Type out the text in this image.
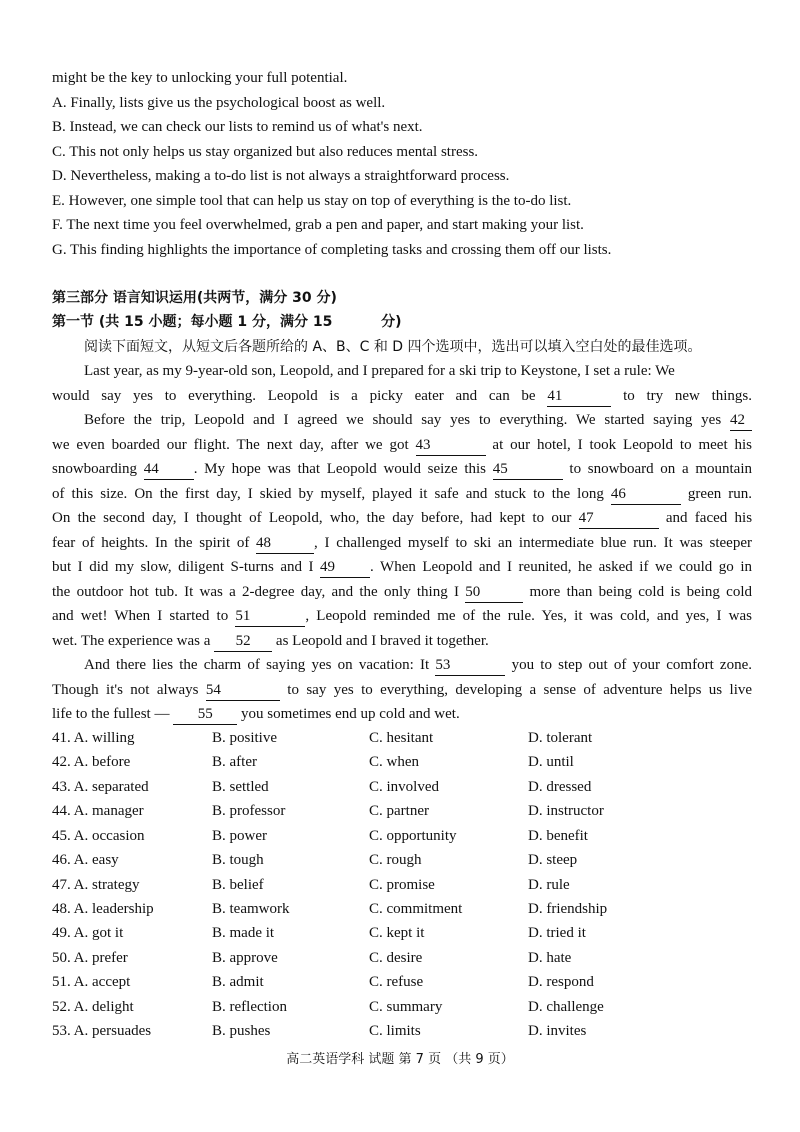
might be the key to unlocking your full potential.
A. Finally, lists give us the psychological boost as well.
B. Instead, we can check our lists to remind us of what's next.
C. This not only helps us stay organized but also reduces mental stress.
D. Nevertheless, making a to-do list is not always a straightforward process.
E. However, one simple tool that can help us stay on top of everything is the to-do list.
F. The next time you feel overwhelmed, grab a pen and paper, and start making your list.
G. This finding highlights the importance of completing tasks and crossing them off our lists.
第三部分 语言知识运用(共两节，满分 30 分)
第一节 (共 15 小题；每小题 1 分，满分 15          分)
阅读下面短文，从短文后各题所给的 A、B、C 和 D 四个选项中，选出可以填入空白处的最佳选项。
Last year, as my 9-year-old son, Leopold, and I prepared for a ski trip to Keystone, I set a rule: We
would say yes to everything. Leopold is a picky eater and can be 41	to try new things.
Before the trip, Leopold and I agreed we should say yes to everything. We started saying yes 42
we even boarded our flight. The next day, after we got 43	at our hotel, I took Leopold to meet his
snowboarding 44 . My hope was that Leopold would seize this 45	to snowboard on a mountain
of this size. On the first day, I skied by myself, played it safe and stuck to the long 46	green run.
On the second day, I thought of Leopold, who, the day before, had kept to our 47	and faced his
fear of heights. In the spirit of 48	, I challenged myself to ski an intermediate blue run. It was steeper
but I did my slow, diligent S-turns and I 49 . When Leopold and I reunited, he asked if we could go in
the outdoor hot tub. It was a 2-degree day, and the only thing I 50	more than being cold is being cold
and wet! When I started to 51	, Leopold reminded me of the rule. Yes, it was cold, and yes, I was
wet. The experience was a 52 as Leopold and I braved it together.
And there lies the charm of saying yes on vacation: It 53	you to step out of your comfort zone.
Though it's not always 54	to say yes to everything, developing a sense of adventure helps us live
life to the fullest — 55 you sometimes end up cold and wet.
41. A. willing	B. positive	C. hesitant	D. tolerant
42. A. before	B. after	C. when	D. until
43. A. separated	B. settled	C. involved	D. dressed
44. A. manager	B. professor	C. partner	D. instructor
45. A. occasion	B. power	C. opportunity	D. benefit
46. A. easy	B. tough	C. rough	D. steep
47. A. strategy	B. belief	C. promise	D. rule
48. A. leadership	B. teamwork	C. commitment	D. friendship
49. A. got it	B. made it	C. kept it	D. tried it
50. A. prefer	B. approve	C. desire	D. hate
51. A. accept	B. admit	C. refuse	D. respond
52. A. delight	B. reflection	C. summary	D. challenge
53. A. persuades	B. pushes	C. limits	D. invites
高二英语学科 试题 第 7 页 （共 9 页）
